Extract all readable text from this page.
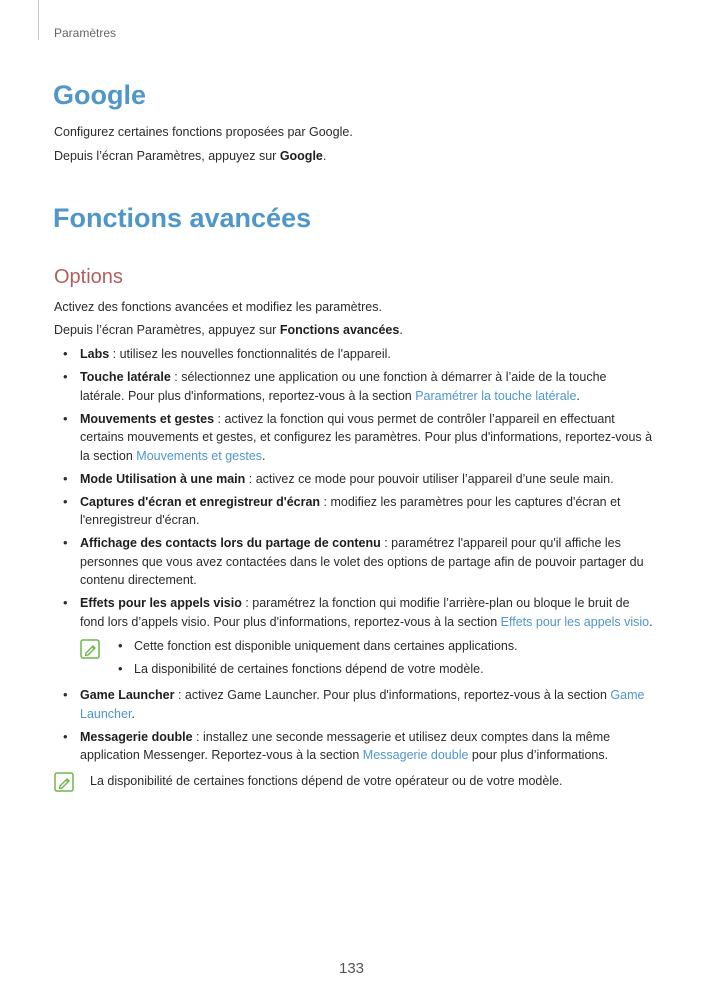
Paramètres
Google

Configurez certaines fonctions proposées par Google.

Depuis l’écran Paramètres, appuyez sur Google.

Fonctions avancées
Options

Activez des fonctions avancées et modifiez les paramètres.

Depuis l’écran Paramètres, appuyez sur Fonctions avancées.

• Labs : utilisez les nouvelles fonctionnalités de l'appareil.
• Touche latérale : sélectionnez une application ou une fonction à démarrer à l’aide de la touche latérale. Pour plus d'informations, reportez-vous à la section Paramétrer la touche latérale.
• Mouvements et gestes : activez la fonction qui vous permet de contrôler l’appareil en effectuant certains mouvements et gestes, et configurez les paramètres. Pour plus d'informations, reportez-vous à la section Mouvements et gestes.
• Mode Utilisation à une main : activez ce mode pour pouvoir utiliser l’appareil d’une seule main.
• Captures d'écran et enregistreur d'écran : modifiez les paramètres pour les captures d'écran et l'enregistreur d'écran.
• Affichage des contacts lors du partage de contenu : paramétrez l'appareil pour qu'il affiche les personnes que vous avez contactées dans le volet des options de partage afin de pouvoir partager du contenu directement.
• Effets pour les appels visio : paramétrez la fonction qui modifie l’arrière-plan ou bloque le bruit de fond lors d’appels visio. Pour plus d'informations, reportez-vous à la section Effets pour les appels visio.
• Cette fonction est disponible uniquement dans certaines applications.
• La disponibilité de certaines fonctions dépend de votre modèle.
• Game Launcher : activez Game Launcher. Pour plus d'informations, reportez-vous à la section Game Launcher.
• Messagerie double : installez une seconde messagerie et utilisez deux comptes dans la même application Messenger. Reportez-vous à la section Messagerie double pour plus d’informations.
La disponibilité de certaines fonctions dépend de votre opérateur ou de votre modèle.
133
